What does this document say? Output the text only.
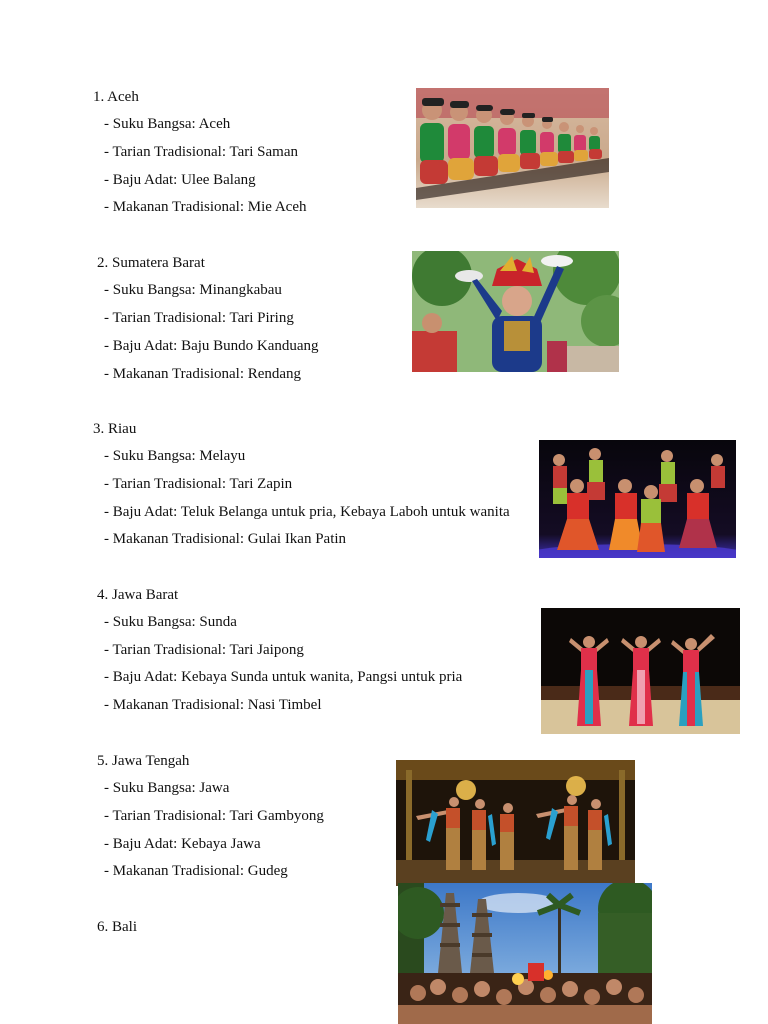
1. Aceh
- Suku Bangsa: Aceh
- Tarian Tradisional: Tari Saman
- Baju Adat: Ulee Balang
- Makanan Tradisional: Mie Aceh
2. Sumatera Barat
- Suku Bangsa: Minangkabau
- Tarian Tradisional: Tari Piring
- Baju Adat: Baju Bundo Kanduang
- Makanan Tradisional: Rendang
3. Riau
- Suku Bangsa: Melayu
- Tarian Tradisional: Tari Zapin
- Baju Adat: Teluk Belanga untuk pria, Kebaya Laboh untuk wanita
- Makanan Tradisional: Gulai Ikan Patin
4. Jawa Barat
- Suku Bangsa: Sunda
- Tarian Tradisional: Tari Jaipong
- Baju Adat: Kebaya Sunda untuk wanita, Pangsi untuk pria
- Makanan Tradisional: Nasi Timbel
5. Jawa Tengah
- Suku Bangsa: Jawa
- Tarian Tradisional: Tari Gambyong
- Baju Adat: Kebaya Jawa
- Makanan Tradisional: Gudeg
6. Bali
